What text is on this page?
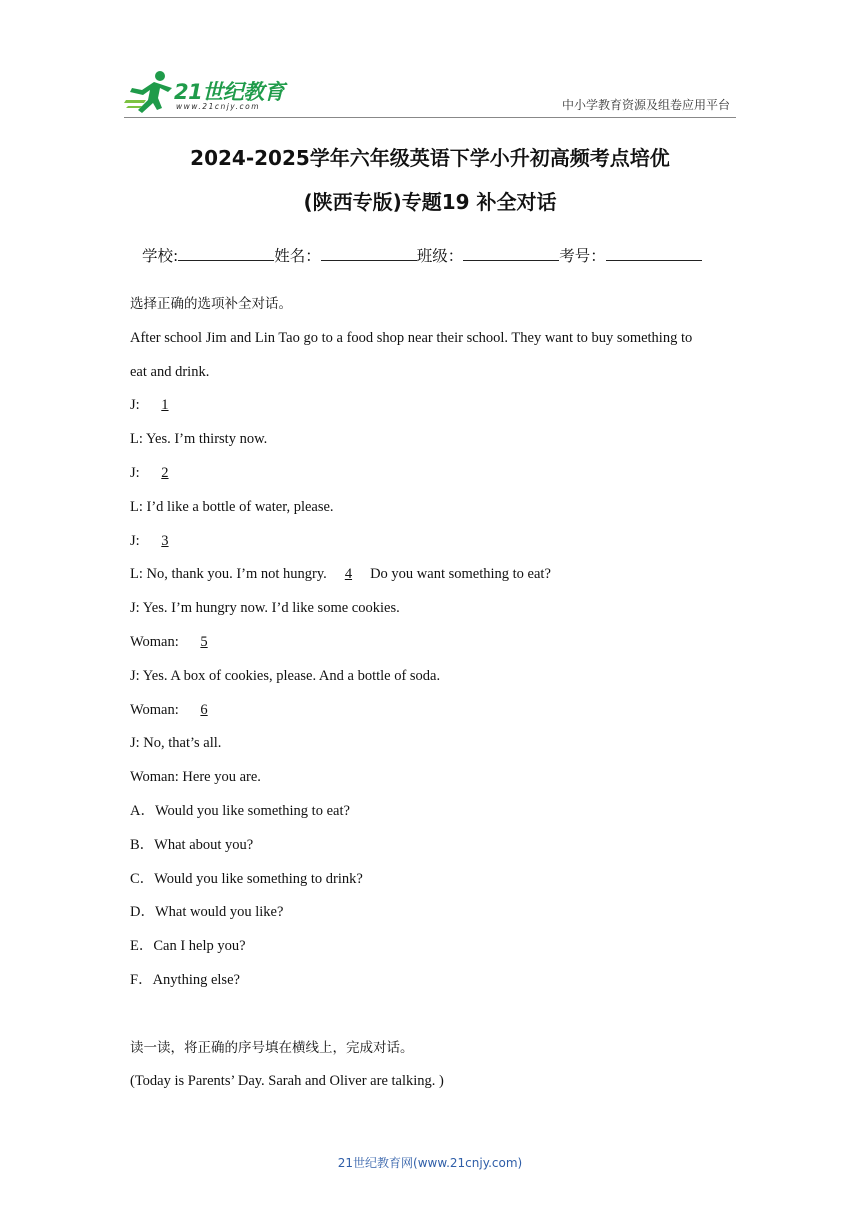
21世纪教育
www.21cnjy.com	中小学教育资源及组卷应用平台
2024-2025学年六年级英语下学小升初高频考点培优
(陕西专版)专题19 补全对话
学校:	姓名：	班级：	考号：
选择正确的选项补全对话。
After school Jim and Lin Tao go to a food shop near their school. They want to buy something to
eat and drink.
J: 1
L: Yes. I’m thirsty now.
J: 2
L: I’d like a bottle of water, please.
J: 3
L: No, thank you. I’m not hungry. 4 Do you want something to eat?
J: Yes. I’m hungry now. I’d like some cookies.
Woman: 5
J: Yes. A box of cookies, please. And a bottle of soda.
Woman: 6
J: No, that’s all.
Woman: Here you are.
A．Would you like something to eat?
B．What about you?
C．Would you like something to drink?
D．What would you like?
E．Can I help you?
F．Anything else?
读一读，将正确的序号填在横线上，完成对话。
(Today is Parents’ Day. Sarah and Oliver are talking. )
21世纪教育网(www.21cnjy.com)
